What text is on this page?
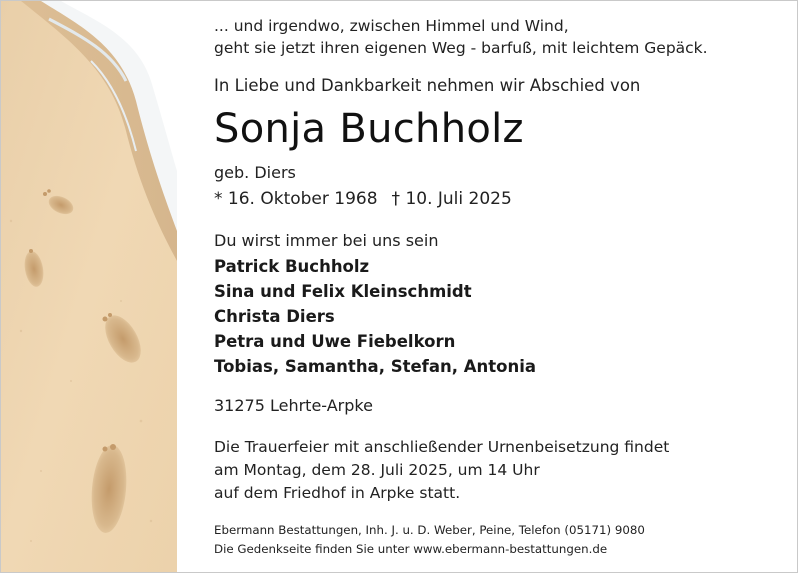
... und irgendwo, zwischen Himmel und Wind,
geht sie jetzt ihren eigenen Weg - barfuß, mit leichtem Gepäck.
In Liebe und Dankbarkeit nehmen wir Abschied von
Sonja Buchholz
geb. Diers
* 16. Oktober 1968 † 10. Juli 2025
Du wirst immer bei uns sein
Patrick Buchholz
Sina und Felix Kleinschmidt
Christa Diers
Petra und Uwe Fiebelkorn
Tobias, Samantha, Stefan, Antonia
31275 Lehrte-Arpke
Die Trauerfeier mit anschließender Urnenbeisetzung findet
am Montag, dem 28. Juli 2025, um 14 Uhr
auf dem Friedhof in Arpke statt.
Ebermann Bestattungen, Inh. J. u. D. Weber, Peine, Telefon (05171) 9080
Die Gedenkseite finden Sie unter www.ebermann-bestattungen.de
